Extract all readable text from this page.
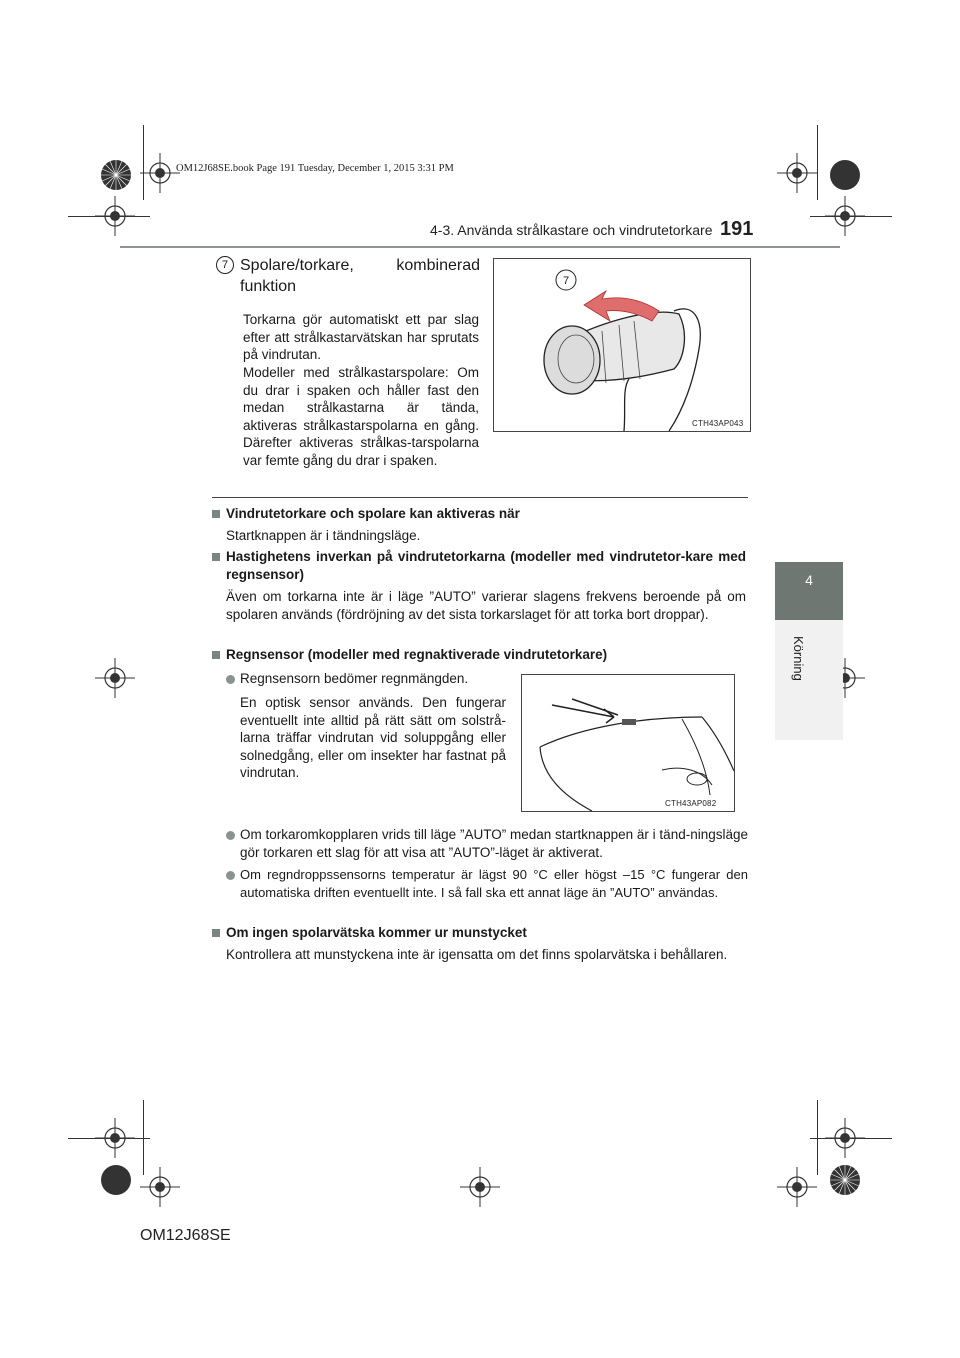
OM12J68SE.book Page 191 Tuesday, December 1, 2015 3:31 PM
4-3. Använda strålkastare och vindrutetorkare 191
4
Körning
7 Spolare/torkare, kombinerad
funktion
Torkarna gör automatiskt ett par slag efter att strålkastarvätskan har sprutats på vindrutan.
Modeller med strålkastarspolare: Om du drar i spaken och håller fast den medan strålkastarna är tända, aktiveras strålkastarspolarna en gång. Därefter aktiveras strålkas-tarspolarna var femte gång du drar i spaken.
7
CTH43AP043
Vindrutetorkare och spolare kan aktiveras när
Startknappen är i tändningsläge.
Hastighetens inverkan på vindrutetorkarna (modeller med vindrutetor-kare med regnsensor)
Även om torkarna inte är i läge ”AUTO” varierar slagens frekvens beroende på om spolaren används (fördröjning av det sista torkarslaget för att torka bort droppar).
Regnsensor (modeller med regnaktiverade vindrutetorkare)
Regnsensorn bedömer regnmängden.
En optisk sensor används. Den fungerar eventuellt inte alltid på rätt sätt om solstrå-larna träffar vindrutan vid soluppgång eller solnedgång, eller om insekter har fastnat på vindrutan.
CTH43AP082
Om torkaromkopplaren vrids till läge ”AUTO” medan startknappen är i tänd-ningsläge gör torkaren ett slag för att visa att ”AUTO”-läget är aktiverat.
Om regndroppssensorns temperatur är lägst 90 °C eller högst –15 °C fungerar den automatiska driften eventuellt inte. I så fall ska ett annat läge än ”AUTO” användas.
Om ingen spolarvätska kommer ur munstycket
Kontrollera att munstyckena inte är igensatta om det finns spolarvätska i behållaren.
OM12J68SE
